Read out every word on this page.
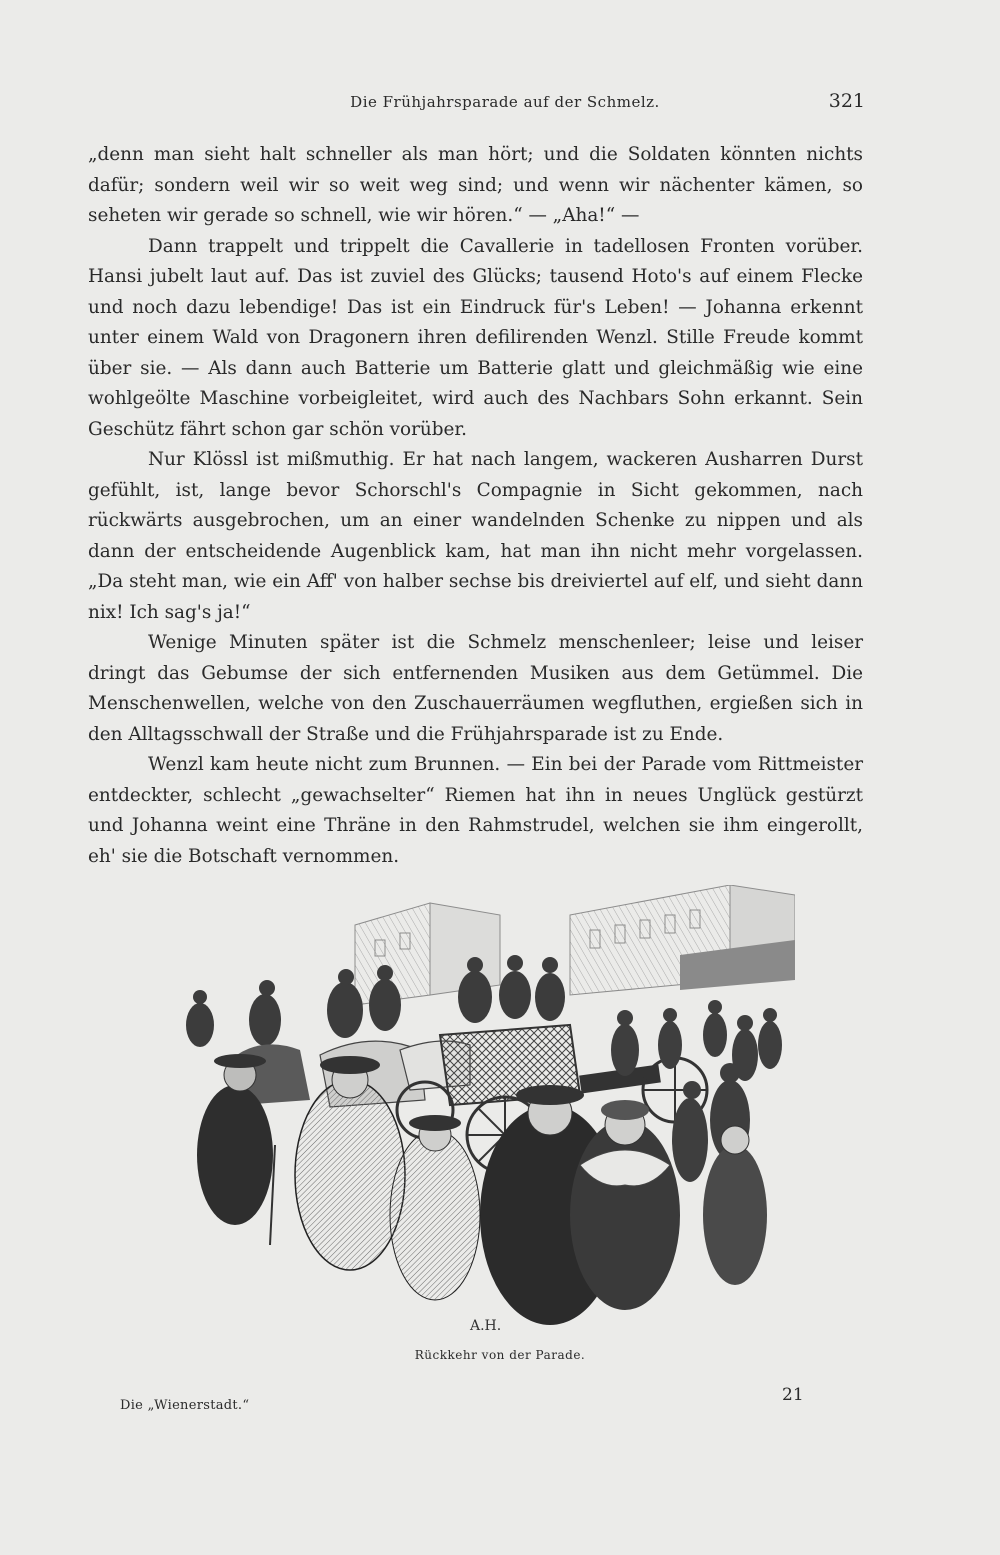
Die Frühjahrsparade auf der Schmelz.	321

„denn man sieht halt schneller als man hört; und die Soldaten könnten nichts dafür; sondern weil wir so weit weg sind; und wenn wir nächenter kämen, so seheten wir gerade so schnell, wie wir hören.“ — „Aha!“ —

Dann trappelt und trippelt die Cavallerie in tadellosen Fronten vorüber. Hansi jubelt laut auf. Das ist zuviel des Glücks; tausend Hoto's auf einem Flecke und noch dazu lebendige! Das ist ein Eindruck für's Leben! — Johanna erkennt unter einem Wald von Dragonern ihren defilirenden Wenzl. Stille Freude kommt über sie. — Als dann auch Batterie um Batterie glatt und gleichmäßig wie eine wohlgeölte Maschine vorbeigleitet, wird auch des Nachbars Sohn erkannt. Sein Geschütz fährt schon gar schön vorüber.

Nur Klössl ist mißmuthig. Er hat nach langem, wackeren Ausharren Durst gefühlt, ist, lange bevor Schorschl's Compagnie in Sicht gekommen, nach rückwärts ausgebrochen, um an einer wandelnden Schenke zu nippen und als dann der entscheidende Augenblick kam, hat man ihn nicht mehr vorgelassen. „Da steht man, wie ein Aff' von halber sechse bis dreiviertel auf elf, und sieht dann nix! Ich sag's ja!“

Wenige Minuten später ist die Schmelz menschenleer; leise und leiser dringt das Gebumse der sich entfernenden Musiken aus dem Getümmel. Die Menschenwellen, welche von den Zuschauerräumen wegfluthen, ergießen sich in den Alltagsschwall der Straße und die Frühjahrsparade ist zu Ende.

Wenzl kam heute nicht zum Brunnen. — Ein bei der Parade vom Rittmeister entdeckter, schlecht „gewachselter“ Riemen hat ihn in neues Unglück gestürzt und Johanna weint eine Thräne in den Rahmstrudel, welchen sie ihm eingerollt, eh' sie die Botschaft vernommen.

A.H.
Rückkehr von der Parade.
Die „Wienerstadt.“
21
